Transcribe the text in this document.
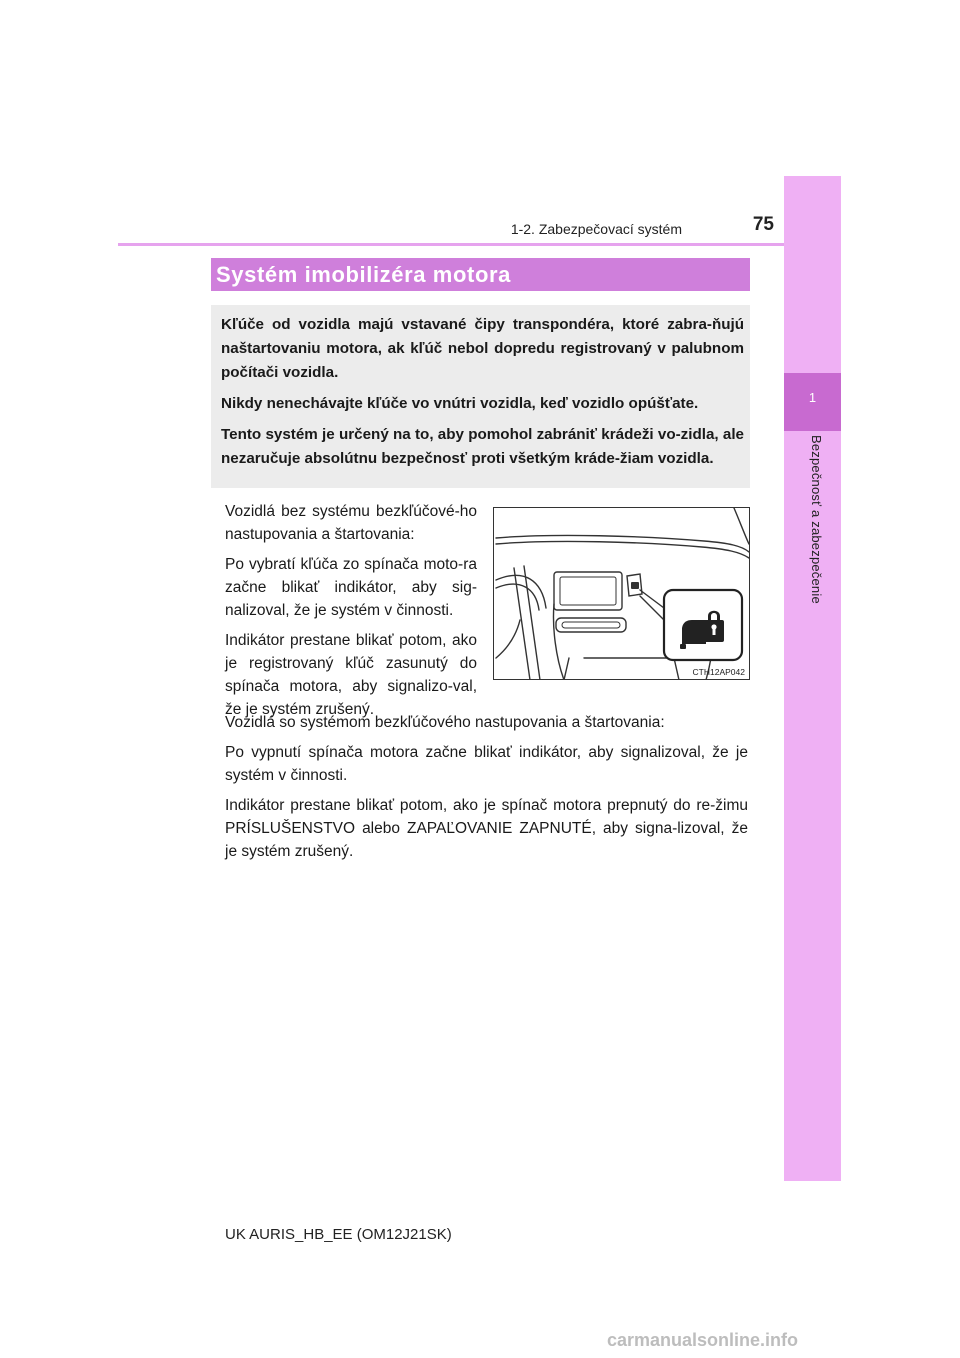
75
1-2. Zabezpečovací systém
1
Bezpečnosť a zabezpečenie
Systém imobilizéra motora

Kľúče od vozidla majú vstavané čipy transpondéra, ktoré zabra-ňujú naštartovaniu motora, ak kľúč nebol dopredu registrovaný v palubnom počítači vozidla.

Nikdy nenechávajte kľúče vo vnútri vozidla, keď vozidlo opúšťate.

Tento systém je určený na to, aby pomohol zabrániť krádeži vo-zidla, ale nezaručuje absolútnu bezpečnosť proti všetkým kráde-žiam vozidla.

Vozidlá bez systému bezkľúčové-ho nastupovania a štartovania:

Po vybratí kľúča zo spínača moto-ra začne blikať indikátor, aby sig-nalizoval, že je systém v činnosti.

Indikátor prestane blikať potom, ako je registrovaný kľúč zasunutý do spínača motora, aby signalizo-val, že je systém zrušený.

CTH12AP042

Vozidlá so systémom bezkľúčového nastupovania a štartovania:

Po vypnutí spínača motora začne blikať indikátor, aby signalizoval, že je systém v činnosti.

Indikátor prestane blikať potom, ako je spínač motora prepnutý do re-žimu PRÍSLUŠENSTVO alebo ZAPAĽOVANIE ZAPNUTÉ, aby signa-lizoval, že je systém zrušený.

UK AURIS_HB_EE (OM12J21SK)
carmanualsonline.info
